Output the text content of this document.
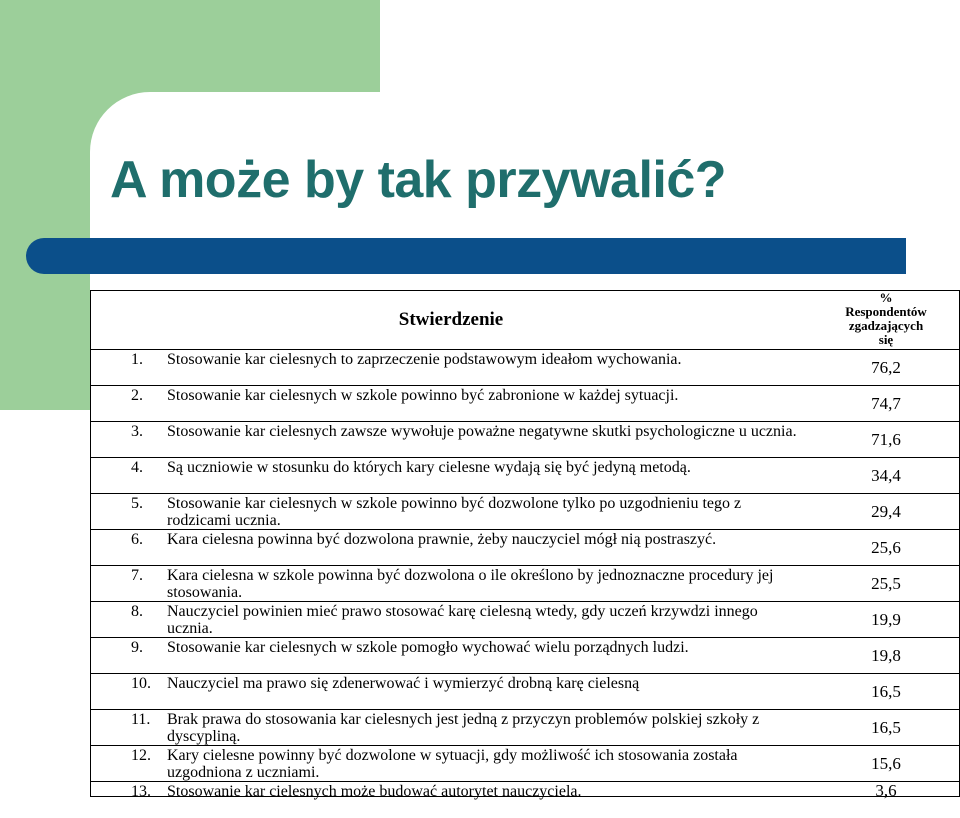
A może by tak przywalić?
Stwierdzenie
%
Respondentów
zgadzających
się
1.	Stosowanie kar cielesnych to zaprzeczenie podstawowym ideałom wychowania.	76,2
2.	Stosowanie kar cielesnych w szkole powinno być zabronione w każdej sytuacji.	74,7
3.	Stosowanie kar cielesnych zawsze wywołuje poważne negatywne skutki psychologiczne u ucznia.	71,6
4.	Są uczniowie w stosunku do których kary cielesne wydają się być jedyną metodą.	34,4
5.	Stosowanie kar cielesnych w szkole powinno być dozwolone tylko po uzgodnieniu tego z rodzicami ucznia.	29,4
6.	Kara cielesna powinna być dozwolona prawnie, żeby nauczyciel mógł nią postraszyć.	25,6
7.	Kara cielesna w szkole powinna być dozwolona o ile określono by jednoznaczne procedury jej stosowania.	25,5
8.	Nauczyciel powinien mieć prawo stosować karę cielesną wtedy, gdy uczeń krzywdzi innego ucznia.	19,9
9.	Stosowanie kar cielesnych w szkole pomogło wychować wielu porządnych ludzi.	19,8
10.	Nauczyciel ma prawo się zdenerwować i wymierzyć drobną karę cielesną	16,5
11.	Brak prawa do stosowania kar cielesnych jest jedną z przyczyn problemów polskiej szkoły z dyscypliną.	16,5
12.	Kary cielesne powinny być dozwolone w sytuacji, gdy możliwość ich stosowania została uzgodniona z uczniami.	15,6
13.	Stosowanie kar cielesnych może budować autorytet nauczyciela.	3,6
